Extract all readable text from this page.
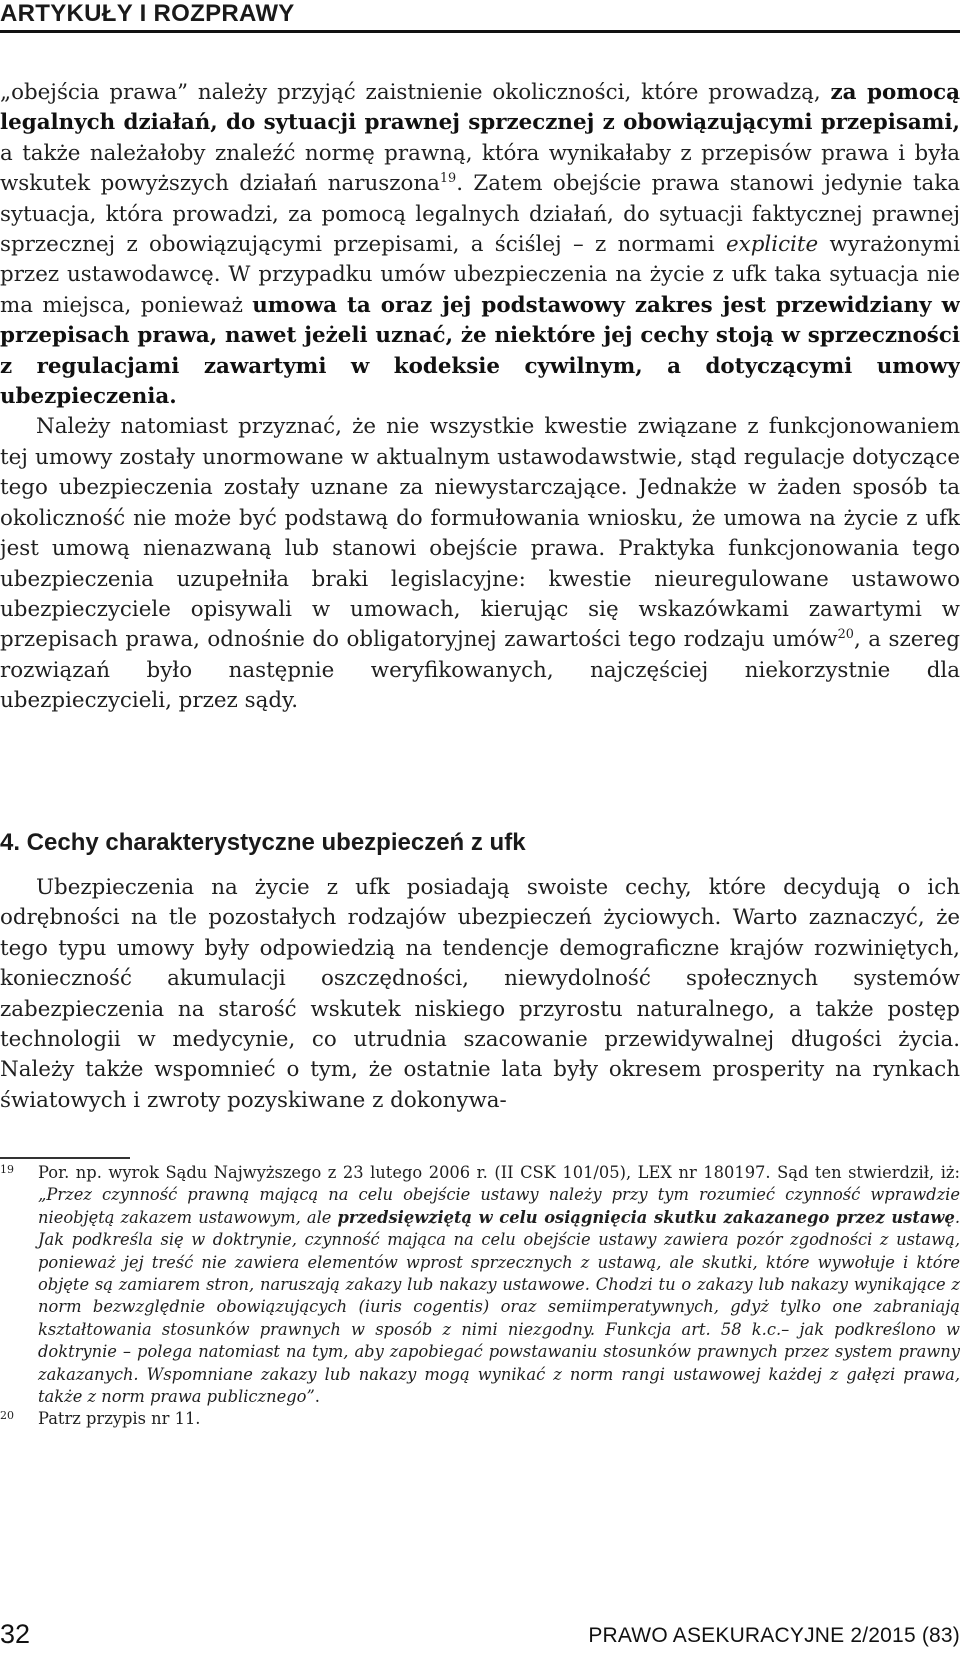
ARTYKUŁY I ROZPRAWY

„obejścia prawa” należy przyjąć zaistnienie okoliczności, które prowadzą, za pomocą legalnych działań, do sytuacji prawnej sprzecznej z obowiązującymi przepisami, a także należałoby znaleźć normę prawną, która wynikałaby z przepisów prawa i była wskutek powyższych działań naruszona$^{19}$. Zatem obejście prawa stanowi jedynie taka sytuacja, która prowadzi, za pomocą legalnych działań, do sytuacji faktycznej prawnej sprzecznej z obowiązującymi przepisami, a ściślej – z normami explicite wyrażonymi przez ustawodawcę. W przypadku umów ubezpieczenia na życie z ufk taka sytuacja nie ma miejsca, ponieważ umowa ta oraz jej podstawowy zakres jest przewidziany w przepisach prawa, nawet jeżeli uznać, że niektóre jej cechy stoją w sprzeczności z regulacjami zawartymi w kodeksie cywilnym, a dotyczącymi umowy ubezpieczenia.

Należy natomiast przyznać, że nie wszystkie kwestie związane z funkcjonowaniem tej umowy zostały unormowane w aktualnym ustawodawstwie, stąd regulacje dotyczące tego ubezpieczenia zostały uznane za niewystarczające. Jednakże w żaden sposób ta okoliczność nie może być podstawą do formułowania wniosku, że umowa na życie z ufk jest umową nienazwaną lub stanowi obejście prawa. Praktyka funkcjonowania tego ubezpieczenia uzupełniła braki legislacyjne: kwestie nieuregulowane ustawowo ubezpieczyciele opisywali w umowach, kierując się wskazówkami zawartymi w przepisach prawa, odnośnie do obligatoryjnej zawartości tego rodzaju umów$^{20}$, a szereg rozwiązań było następnie weryfikowanych, najczęściej niekorzystnie dla ubezpieczycieli, przez sądy.

4. Cechy charakterystyczne ubezpieczeń z ufk

Ubezpieczenia na życie z ufk posiadają swoiste cechy, które decydują o ich odrębności na tle pozostałych rodzajów ubezpieczeń życiowych. Warto zaznaczyć, że tego typu umowy były odpowiedzią na tendencje demograficzne krajów rozwiniętych, konieczność akumulacji oszczędności, niewydolność społecznych systemów zabezpieczenia na starość wskutek niskiego przyrostu naturalnego, a także postęp technologii w medycynie, co utrudnia szacowanie przewidywalnej długości życia. Należy także wspomnieć o tym, że ostatnie lata były okresem prosperity na rynkach światowych i zwroty pozyskiwane z dokonywa-

19 Por. np. wyrok Sądu Najwyższego z 23 lutego 2006 r. (II CSK 101/05), LEX nr 180197. Sąd ten stwierdził, iż: „Przez czynność prawną mającą na celu obejście ustawy należy przy tym rozumieć czynność wprawdzie nieobjętą zakazem ustawowym, ale przedsięwziętą w celu osiągnięcia skutku zakazanego przez ustawę. Jak podkreśla się w doktrynie, czynność mająca na celu obejście ustawy zawiera pozór zgodności z ustawą, ponieważ jej treść nie zawiera elementów wprost sprzecznych z ustawą, ale skutki, które wywołuje i które objęte są zamiarem stron, naruszają zakazy lub nakazy ustawowe. Chodzi tu o zakazy lub nakazy wynikające z norm bezwzględnie obowiązujących (iuris cogentis) oraz semiimperatywnych, gdyż tylko one zabraniają kształtowania stosunków prawnych w sposób z nimi niezgodny. Funkcja art. 58 k.c.– jak podkreślono w doktrynie – polega natomiast na tym, aby zapobiegać powstawaniu stosunków prawnych przez system prawny zakazanych. Wspomniane zakazy lub nakazy mogą wynikać z norm rangi ustawowej każdej z gałęzi prawa, także z norm prawa publicznego”.
20 Patrz przypis nr 11.
32	PRAWO ASEKURACYJNE 2/2015 (83)
